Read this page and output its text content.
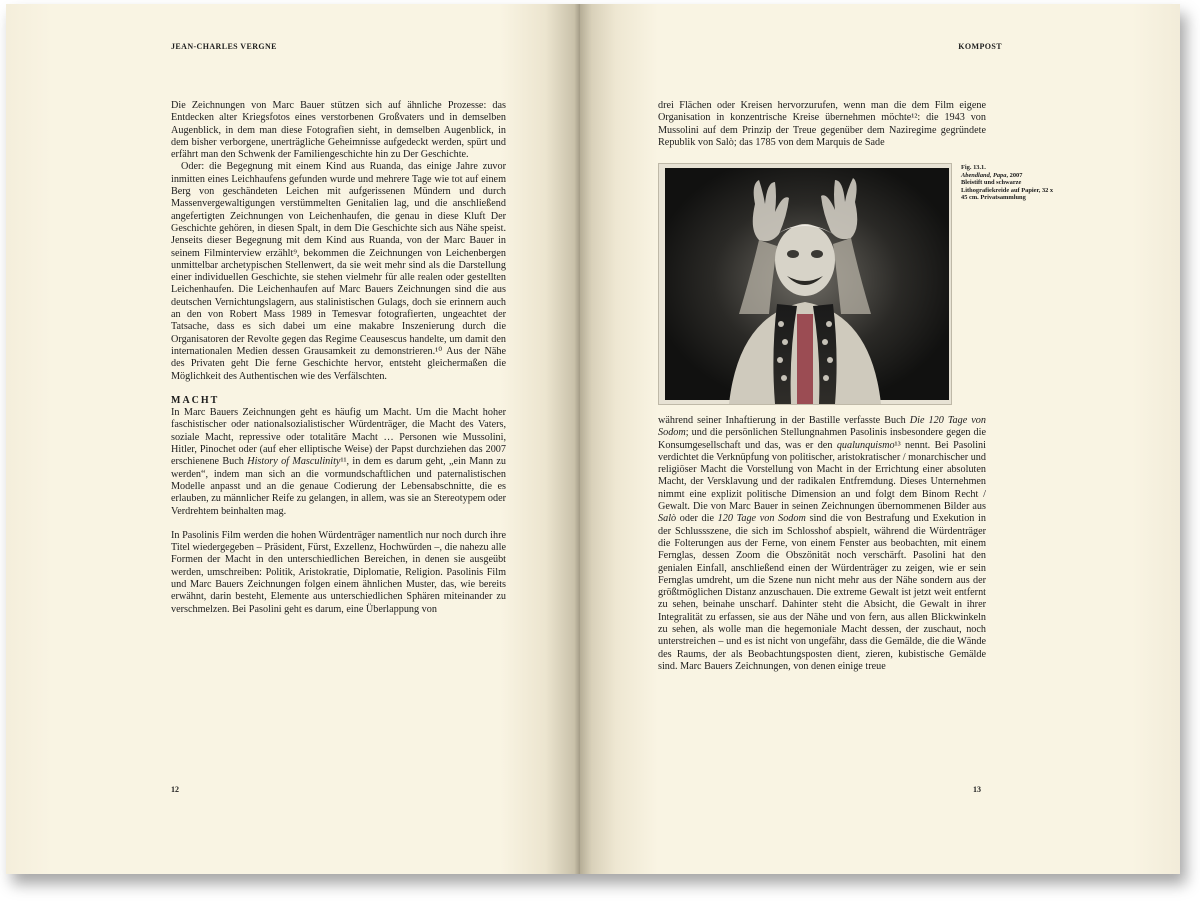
JEAN-CHARLES VERGNE

Die Zeichnungen von Marc Bauer stützen sich auf ähnliche Prozesse: das Entdecken alter Kriegsfotos eines verstorbenen Großvaters und in demselben Augenblick, in dem man diese Fotografien sieht, in demselben Augenblick, in dem bisher verborgene, unerträgliche Geheimnisse aufgedeckt werden, spürt und erfährt man den Schwenk der Familiengeschichte hin zu Der Geschichte.

Oder: die Begegnung mit einem Kind aus Ruanda, das einige Jahre zuvor inmitten eines Leichhaufens gefunden wurde und mehrere Tage wie tot auf einem Berg von geschändeten Leichen mit aufgerissenen Mündern und durch Massenvergewaltigungen verstümmelten Genitalien lag, und die anschließend angefertigten Zeichnungen von Leichenhaufen, die genau in diese Kluft Der Geschichte gehören, in diesen Spalt, in dem Die Geschichte sich aus Nähe speist. Jenseits dieser Begegnung mit dem Kind aus Ruanda, von der Marc Bauer in seinem Filminterview erzählt⁹, bekommen die Zeichnungen von Leichenbergen unmittelbar archetypischen Stellenwert, da sie weit mehr sind als die Darstellung einer individuellen Geschichte, sie stehen vielmehr für alle realen oder gestellten Leichenhaufen. Die Leichenhaufen auf Marc Bauers Zeichnungen sind die aus deutschen Vernichtungslagern, aus stalinistischen Gulags, doch sie erinnern auch an den von Robert Mass 1989 in Temesvar fotografierten, ungeachtet der Tatsache, dass es sich dabei um eine makabre Inszenierung durch die Organisatoren der Revolte gegen das Regime Ceausescus handelte, um damit den internationalen Medien dessen Grausamkeit zu demonstrieren.¹⁰ Aus der Nähe des Privaten geht Die ferne Geschichte hervor, entsteht gleichermaßen die Möglichkeit des Authentischen wie des Verfälschten.

MACHT

In Marc Bauers Zeichnungen geht es häufig um Macht. Um die Macht hoher faschistischer oder nationalsozialistischer Würdenträger, die Macht des Vaters, soziale Macht, repressive oder totalitäre Macht … Personen wie Mussolini, Hitler, Pinochet oder (auf eher elliptische Weise) der Papst durchziehen das 2007 erschienene Buch History of Masculinity¹¹, in dem es darum geht, „ein Mann zu werden“, indem man sich an die vormundschaftlichen und paternalistischen Modelle anpasst und an die genaue Codierung der Lebensabschnitte, die es erlauben, zu männlicher Reife zu gelangen, in allem, was sie an Stereotypem oder Verdrehtem beinhalten mag.

In Pasolinis Film werden die hohen Würdenträger namentlich nur noch durch ihre Titel wiedergegeben – Präsident, Fürst, Exzellenz, Hochwürden –, die nahezu alle Formen der Macht in den unterschiedlichen Bereichen, in denen sie ausgeübt werden, umschreiben: Politik, Aristokratie, Diplomatie, Religion. Pasolinis Film und Marc Bauers Zeichnungen folgen einem ähnlichen Muster, das, wie bereits erwähnt, darin besteht, Elemente aus unterschiedlichen Sphären miteinander zu verschmelzen. Bei Pasolini geht es darum, eine Überlappung von

12
KOMPOST

drei Flächen oder Kreisen hervorzurufen, wenn man die dem Film eigene Organisation in konzentrische Kreise übernehmen möchte¹²: die 1943 von Mussolini auf dem Prinzip der Treue gegenüber dem Naziregime gegründete Republik von Salò; das 1785 von dem Marquis de Sade

Fig. 13.1.
Abendland, Papa, 2007
Bleistift und schwarze Lithografiekreide auf Papier, 32 x 45 cm. Privatsammlung

während seiner Inhaftierung in der Bastille verfasste Buch Die 120 Tage von Sodom; und die persönlichen Stellungnahmen Pasolinis insbesondere gegen die Konsumgesellschaft und das, was er den qualunquismo¹³ nennt. Bei Pasolini verdichtet die Verknüpfung von politischer, aristokratischer / monarchischer und religiöser Macht die Vorstellung von Macht in der Errichtung einer absoluten Macht, der Versklavung und der radikalen Entfremdung. Dieses Unternehmen nimmt eine explizit politische Dimension an und folgt dem Binom Recht / Gewalt. Die von Marc Bauer in seinen Zeichnungen übernommenen Bilder aus Salò oder die 120 Tage von Sodom sind die von Bestrafung und Exekution in der Schlussszene, die sich im Schlosshof abspielt, während die Würdenträger die Folterungen aus der Ferne, von einem Fenster aus beobachten, mit einem Fernglas, dessen Zoom die Obszönität noch verschärft. Pasolini hat den genialen Einfall, anschließend einen der Würdenträger zu zeigen, wie er sein Fernglas umdreht, um die Szene nun nicht mehr aus der Nähe sondern aus der größtmöglichen Distanz anzuschauen. Die extreme Gewalt ist jetzt weit entfernt zu sehen, beinahe unscharf. Dahinter steht die Absicht, die Gewalt in ihrer Integralität zu erfassen, sie aus der Nähe und von fern, aus allen Blickwinkeln zu sehen, als wolle man die hegemoniale Macht dessen, der zuschaut, noch unterstreichen – und es ist nicht von ungefähr, dass die Gemälde, die die Wände des Raums, der als Beobachtungsposten dient, zieren, kubistische Gemälde sind. Marc Bauers Zeichnungen, von denen einige treue

13
